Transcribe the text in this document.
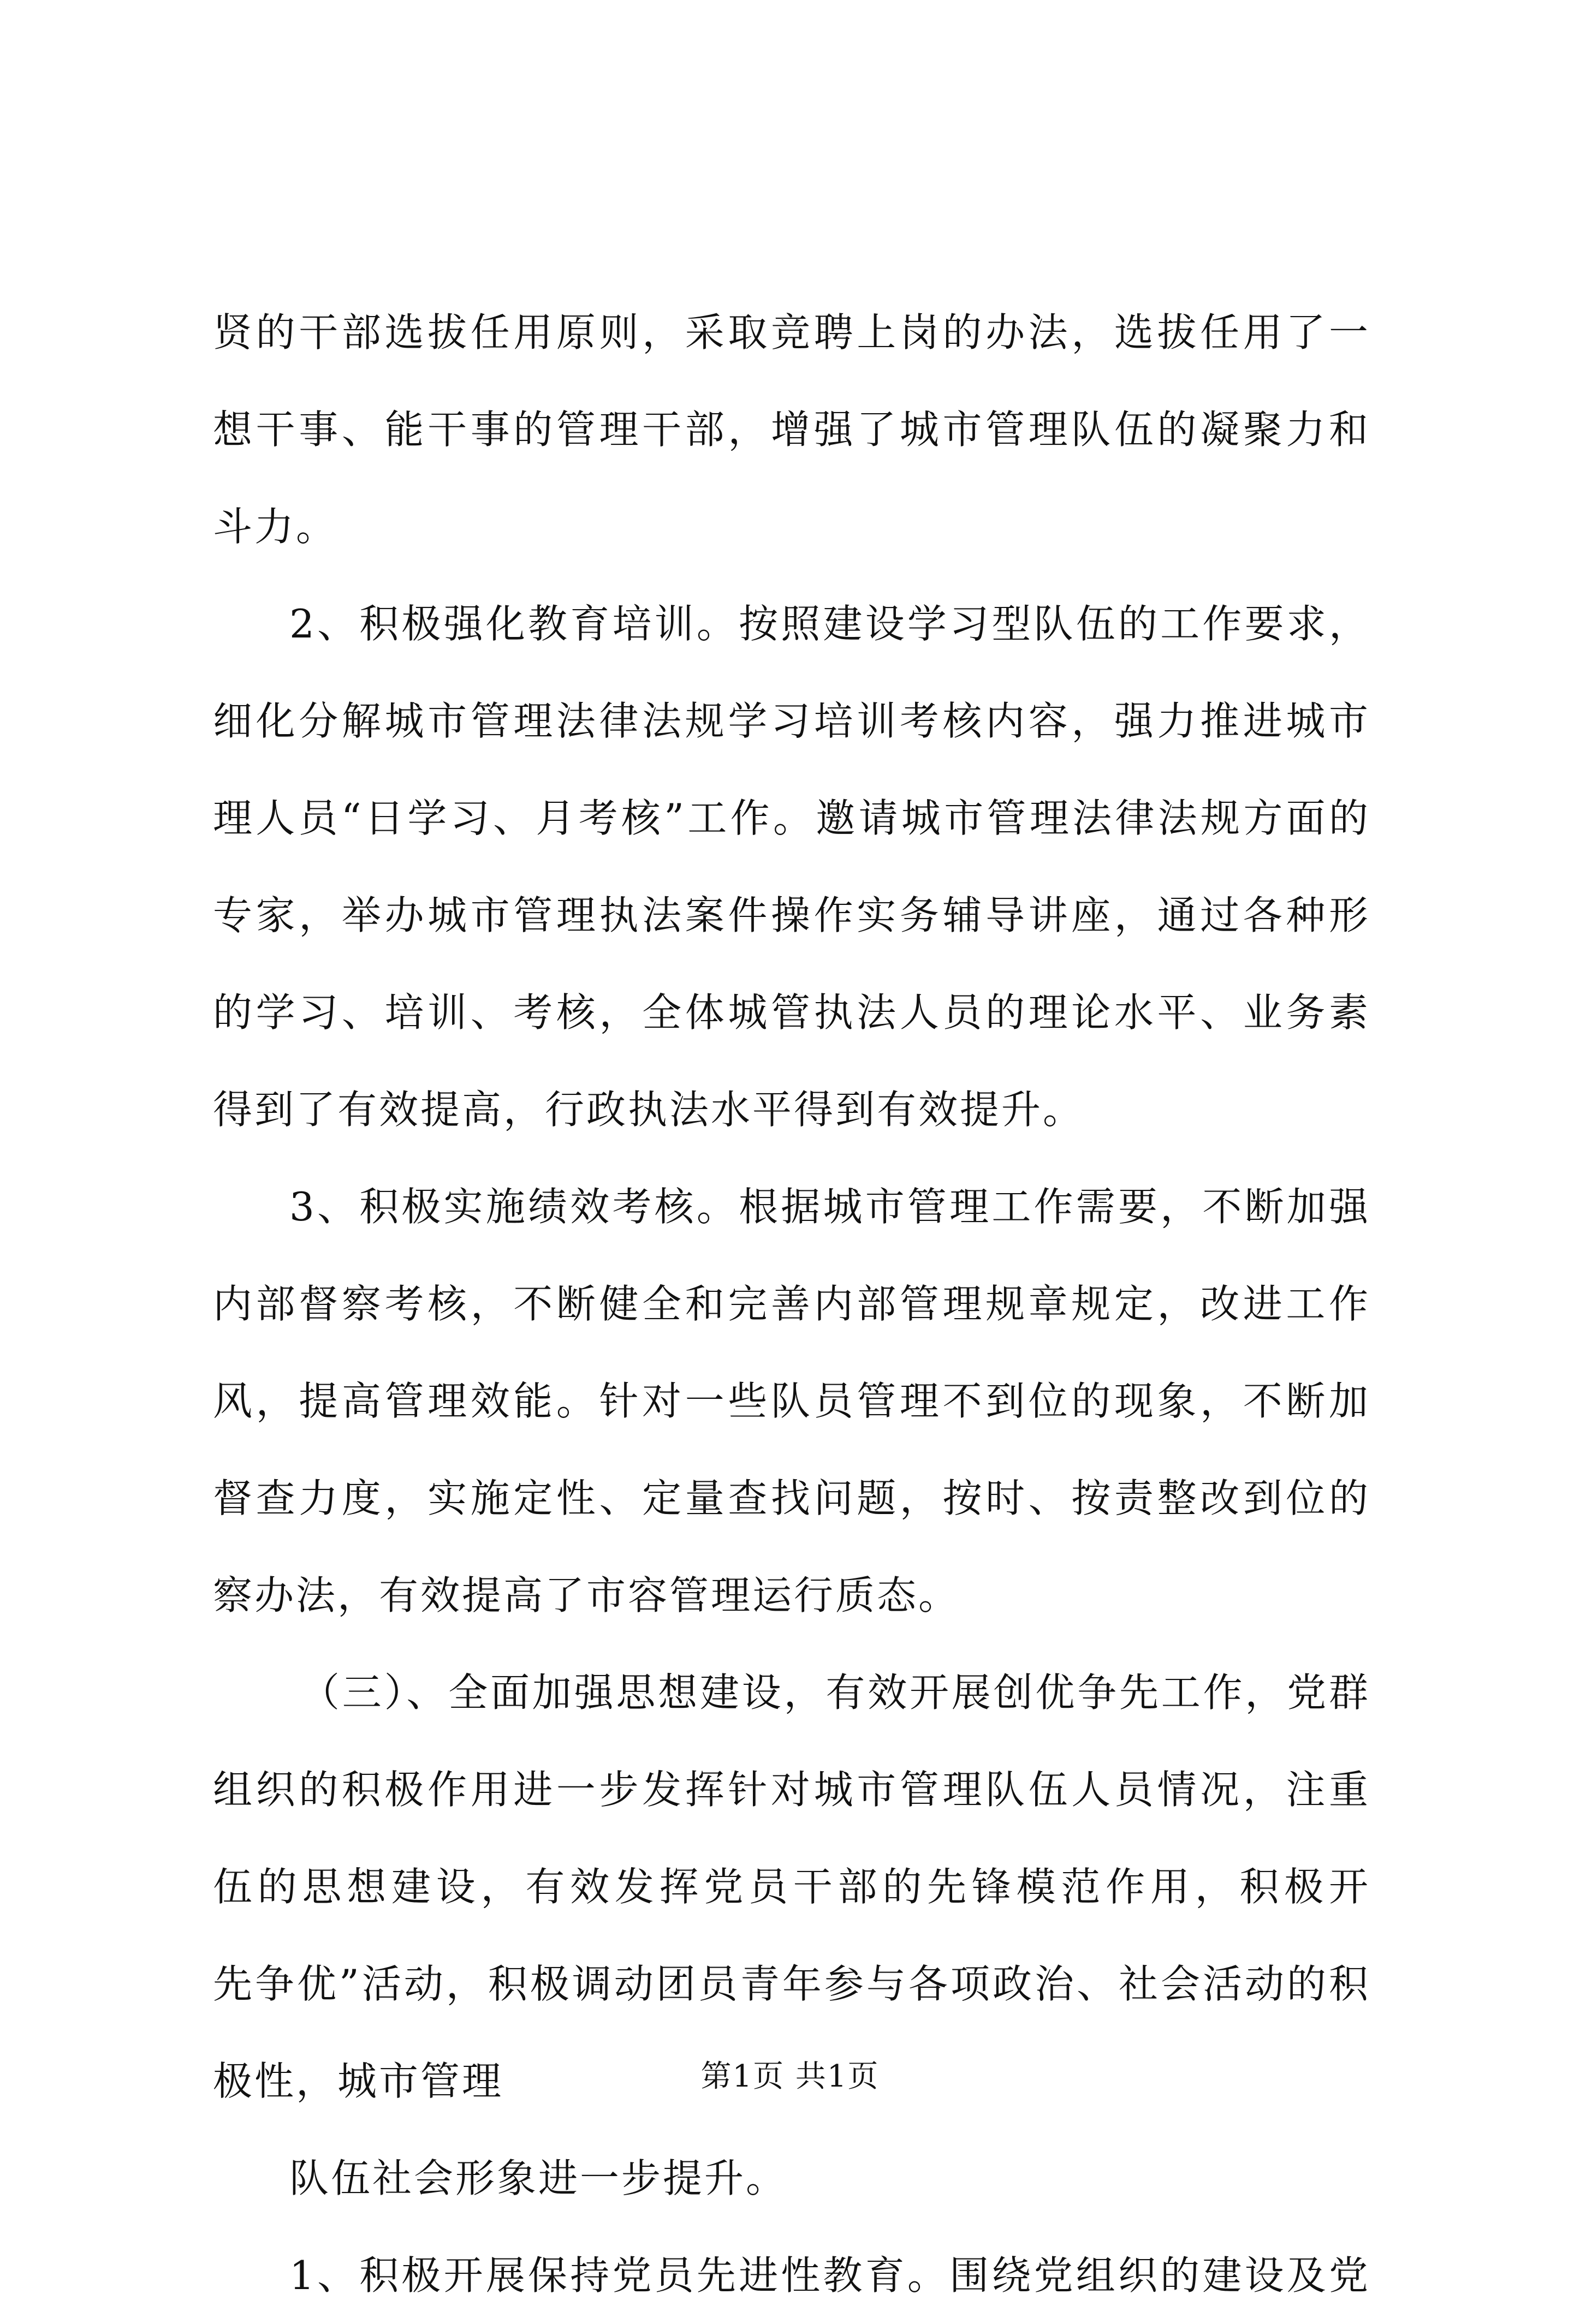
贤的干部选拔任用原则，采取竞聘上岗的办法，选拔任用了一
想干事、能干事的管理干部，增强了城市管理队伍的凝聚力和
斗力。
2、积极强化教育培训。按照建设学习型队伍的工作要求，
细化分解城市管理法律法规学习培训考核内容，强力推进城市
理人员“日学习、月考核”工作。邀请城市管理法律法规方面的
专家，举办城市管理执法案件操作实务辅导讲座，通过各种形
的学习、培训、考核，全体城管执法人员的理论水平、业务素
得到了有效提高，行政执法水平得到有效提升。
3、积极实施绩效考核。根据城市管理工作需要，不断加强
内部督察考核，不断健全和完善内部管理规章规定，改进工作
风，提高管理效能。针对一些队员管理不到位的现象，不断加
督查力度，实施定性、定量查找问题，按时、按责整改到位的
察办法，有效提高了市容管理运行质态。
（三）、全面加强思想建设，有效开展创优争先工作，党群
组织的积极作用进一步发挥针对城市管理队伍人员情况，注重
伍的思想建设，有效发挥党员干部的先锋模范作用，积极开
先争优”活动，积极调动团员青年参与各项政治、社会活动的积
极性，城市管理
队伍社会形象进一步提升。
1、积极开展保持党员先进性教育。围绕党组织的建设及党
第1页 共1页
